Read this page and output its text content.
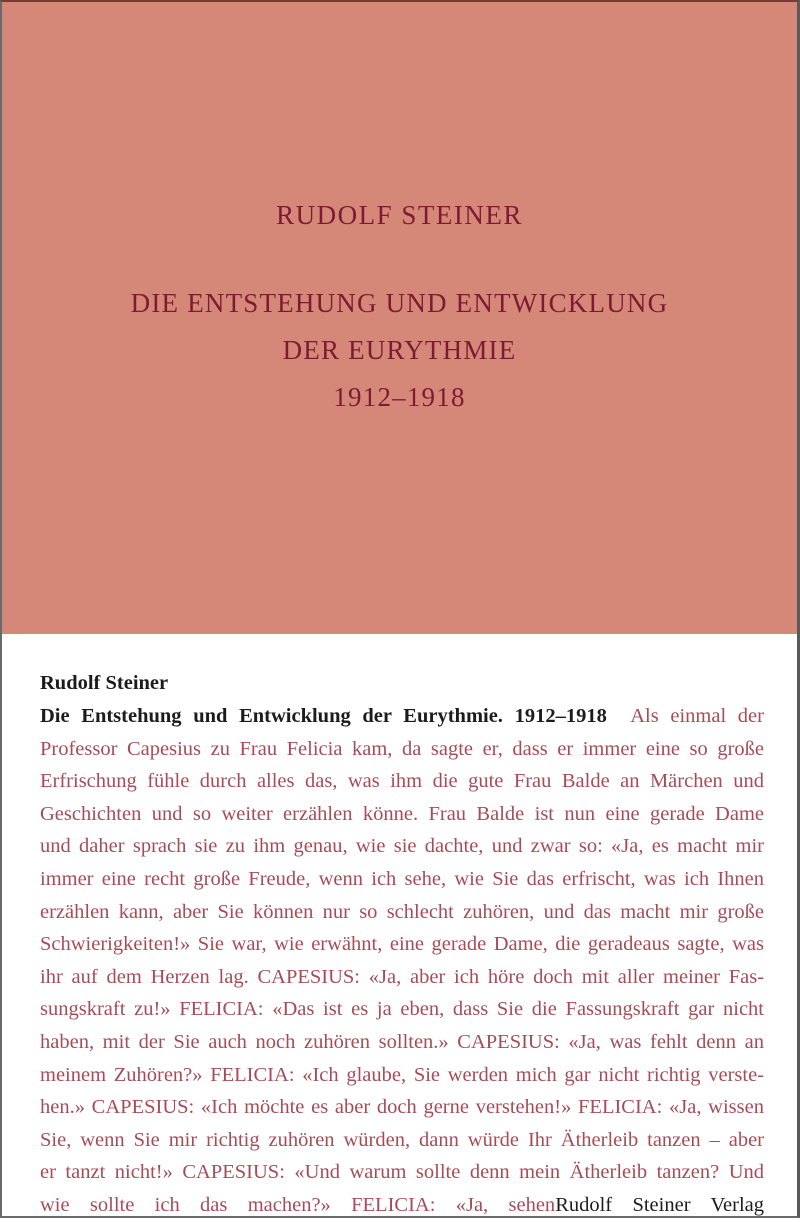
RUDOLF STEINER
DIE ENTSTEHUNG UND ENTWICKLUNG
DER EURYTHMIE
1912–1918
Rudolf Steiner
Die Entstehung und Entwicklung der Eurythmie. 1912–1918 Als einmal der
Professor Capesius zu Frau Felicia kam, da sagte er, dass er immer eine so große
Erfrischung fühle durch alles das, was ihm die gute Frau Balde an Märchen und
Geschichten und so weiter erzählen könne. Frau Balde ist nun eine gerade Dame
und daher sprach sie zu ihm genau, wie sie dachte, und zwar so: «Ja, es macht mir
immer eine recht große Freude, wenn ich sehe, wie Sie das erfrischt, was ich Ihnen
erzählen kann, aber Sie können nur so schlecht zuhören, und das macht mir große
Schwierigkeiten!» Sie war, wie erwähnt, eine gerade Dame, die geradeaus sagte, was
ihr auf dem Herzen lag. CAPESIUS: «Ja, aber ich höre doch mit aller meiner Fas-
sungskraft zu!» FELICIA: «Das ist es ja eben, dass Sie die Fassungskraft gar nicht
haben, mit der Sie auch noch zuhören sollten.» CAPESIUS: «Ja, was fehlt denn an
meinem Zuhören?» FELICIA: «Ich glaube, Sie werden mich gar nicht richtig verste-
hen.» CAPESIUS: «Ich möchte es aber doch gerne verstehen!» FELICIA: «Ja, wissen
Sie, wenn Sie mir richtig zuhören würden, dann würde Ihr Ätherleib tanzen – aber
er tanzt nicht!» CAPESIUS: «Und warum sollte denn mein Ätherleib tanzen? Und
wie sollte ich das machen?» FELICIA: «Ja, sehenRudolf Steiner Verlag
